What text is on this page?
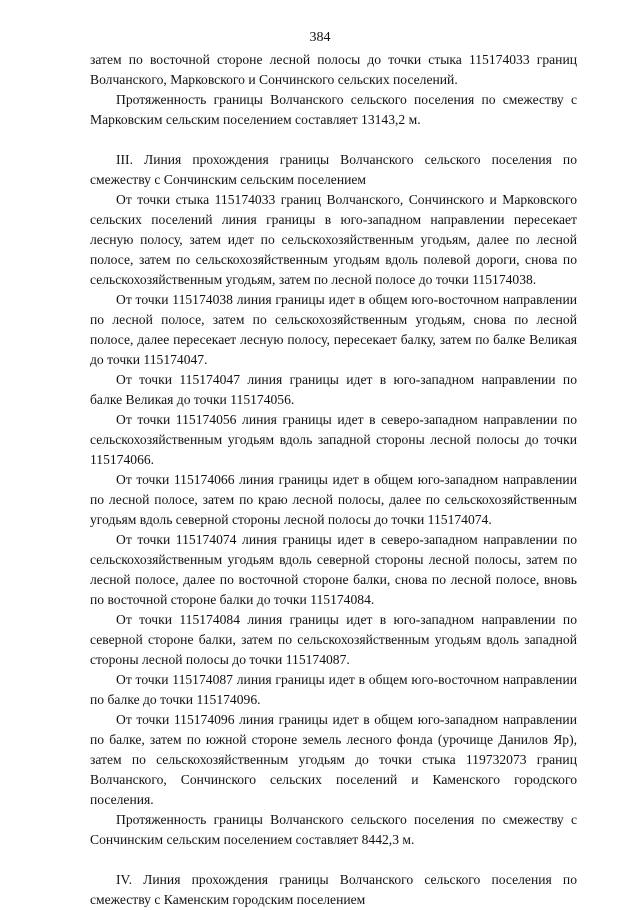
384

затем по восточной стороне лесной полосы до точки стыка 115174033 границ Волчанского, Марковского и Сончинского сельских поселений.

Протяженность границы Волчанского сельского поселения по смежеству с Марковским сельским поселением составляет 13143,2 м.

III. Линия прохождения границы Волчанского сельского поселения по смежеству с Сончинским сельским поселением

От точки стыка 115174033 границ Волчанского, Сончинского и Марковского сельских поселений линия границы в юго-западном направлении пересекает лесную полосу, затем идет по сельскохозяйственным угодьям, далее по лесной полосе, затем по сельскохозяйственным угодьям вдоль полевой дороги, снова по сельскохозяйственным угодьям, затем по лесной полосе до точки 115174038.

От точки 115174038 линия границы идет в общем юго-восточном направлении по лесной полосе, затем по сельскохозяйственным угодьям, снова по лесной полосе, далее пересекает лесную полосу, пересекает балку, затем по балке Великая до точки 115174047.

От точки 115174047 линия границы идет в юго-западном направлении по балке Великая до точки 115174056.

От точки 115174056 линия границы идет в северо-западном направлении по сельскохозяйственным угодьям вдоль западной стороны лесной полосы до точки 115174066.

От точки 115174066 линия границы идет в общем юго-западном направлении по лесной полосе, затем по краю лесной полосы, далее по сельскохозяйственным угодьям вдоль северной стороны лесной полосы до точки 115174074.

От точки 115174074 линия границы идет в северо-западном направлении по сельскохозяйственным угодьям вдоль северной стороны лесной полосы, затем по лесной полосе, далее по восточной стороне балки, снова по лесной полосе, вновь по восточной стороне балки до точки 115174084.

От точки 115174084 линия границы идет в юго-западном направлении по северной стороне балки, затем по сельскохозяйственным угодьям вдоль западной стороны лесной полосы до точки 115174087.

От точки 115174087 линия границы идет в общем юго-восточном направлении по балке до точки 115174096.

От точки 115174096 линия границы идет в общем юго-западном направлении по балке, затем по южной стороне земель лесного фонда (урочище Данилов Яр), затем по сельскохозяйственным угодьям до точки стыка 119732073 границ Волчанского, Сончинского сельских поселений и Каменского городского поселения.

Протяженность границы Волчанского сельского поселения по смежеству с Сончинским сельским поселением составляет 8442,3 м.

IV. Линия прохождения границы Волчанского сельского поселения по смежеству с Каменским городским поселением
